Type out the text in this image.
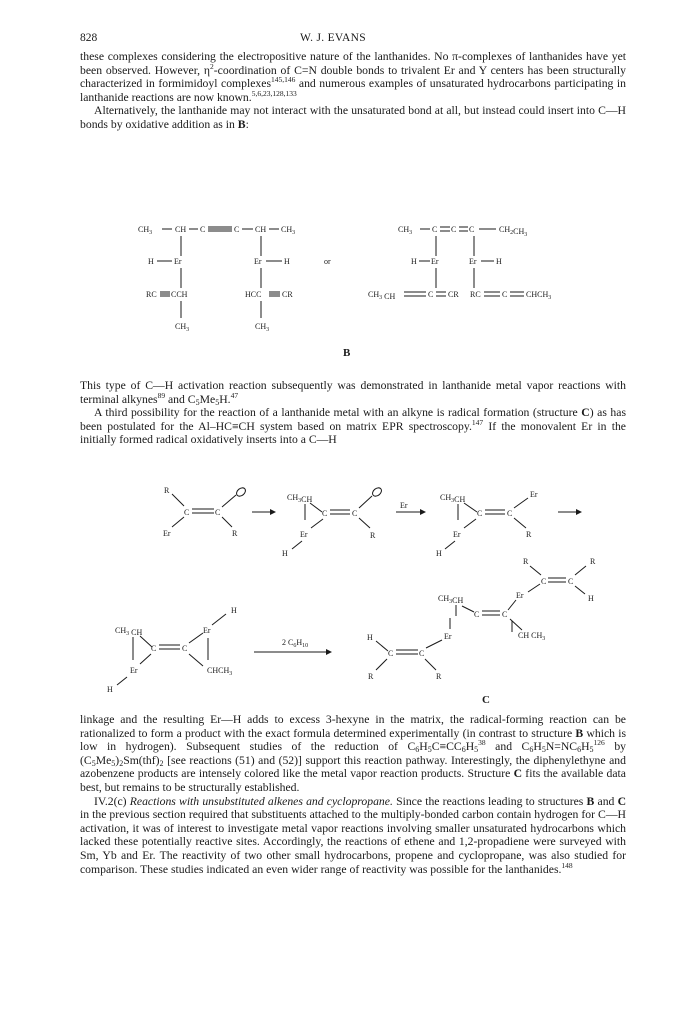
828	W. J. EVANS

these complexes considering the electropositive nature of the lanthanides. No π-complexes of lanthanides have yet been observed. However, $\eta^2$-coordination of C=N double bonds to trivalent Er and Y centers has been structurally characterized in formimidoyl complexes$^{145,146}$ and numerous examples of unsaturated hydrocarbons participating in lanthanide reactions are now known.$^{5,6,23,128,133}$

Alternatively, the lanthanide may not interact with the unsaturated bond at all, but instead could insert into C—H bonds by oxidative addition as in B:

$CH_3$	CH C	C CH $CH_3$
H	Er
RC CCH
$CH_3$
Er	H
HCC	CR
$CH_3$
or
$CH_3$ C C C	$CH_2CH_3$
H Er	Er H
$CH_3$ CH	C CR RC	C $CHCH_3$
B

This type of C—H activation reaction subsequently was demonstrated in lanthanide metal vapor reactions with terminal alkynes$^{89}$ and $C_5Me_5H.^{47}$

A third possibility for the reaction of a lanthanide metal with an alkyne is radical formation (structure C) as has been postulated for the Al–HC≡CH system based on matrix EPR spectroscopy.$^{147}$ If the monovalent Er in the initially formed radical oxidatively inserts into a C—H

R
C	C
Er	R
$CH_3CH$
C	C
Er	R
H
Er
$CH_3CH$
C	C
Er
Er	R
H
$CH_3$ CH
C	C
Er
H
$CHCH_3$
Er
H
2 $C_6H_{10}$
H
C	C
R	R
Er
$CH_3CH$
C	C
CH $CH_3$
Er
C	C
R	R
H
C

linkage and the resulting Er—H adds to excess 3-hexyne in the matrix, the radical-forming reaction can be rationalized to form a product with the exact formula determined experimentally (in contrast to structure B which is low in hydrogen). Subsequent studies of the reduction of $C_6H_5C\equiv CC_6H_5^{38}$ and $C_6H_5N=NC_6H_5^{126}$ by $(C_5Me_5)_2Sm(thf)_2$ [see reactions (51) and (52)] support this reaction pathway. Interestingly, the diphenylethyne and azobenzene products are intensely colored like the metal vapor reaction products. Structure C fits the available data best, but remains to be structurally established.

IV.2(c) Reactions with unsubstituted alkenes and cyclopropane. Since the reactions leading to structures B and C in the previous section required that substituents attached to the multiply-bonded carbon contain hydrogen for C—H activation, it was of interest to investigate metal vapor reactions involving smaller unsaturated hydrocarbons which lacked these potentially reactive sites. Accordingly, the reactions of ethene and 1,2-propadiene were surveyed with Sm, Yb and Er. The reactivity of two other small hydrocarbons, propene and cyclopropane, was also studied for comparison. These studies indicated an even wider range of reactivity was possible for the lanthanides.$^{148}$
